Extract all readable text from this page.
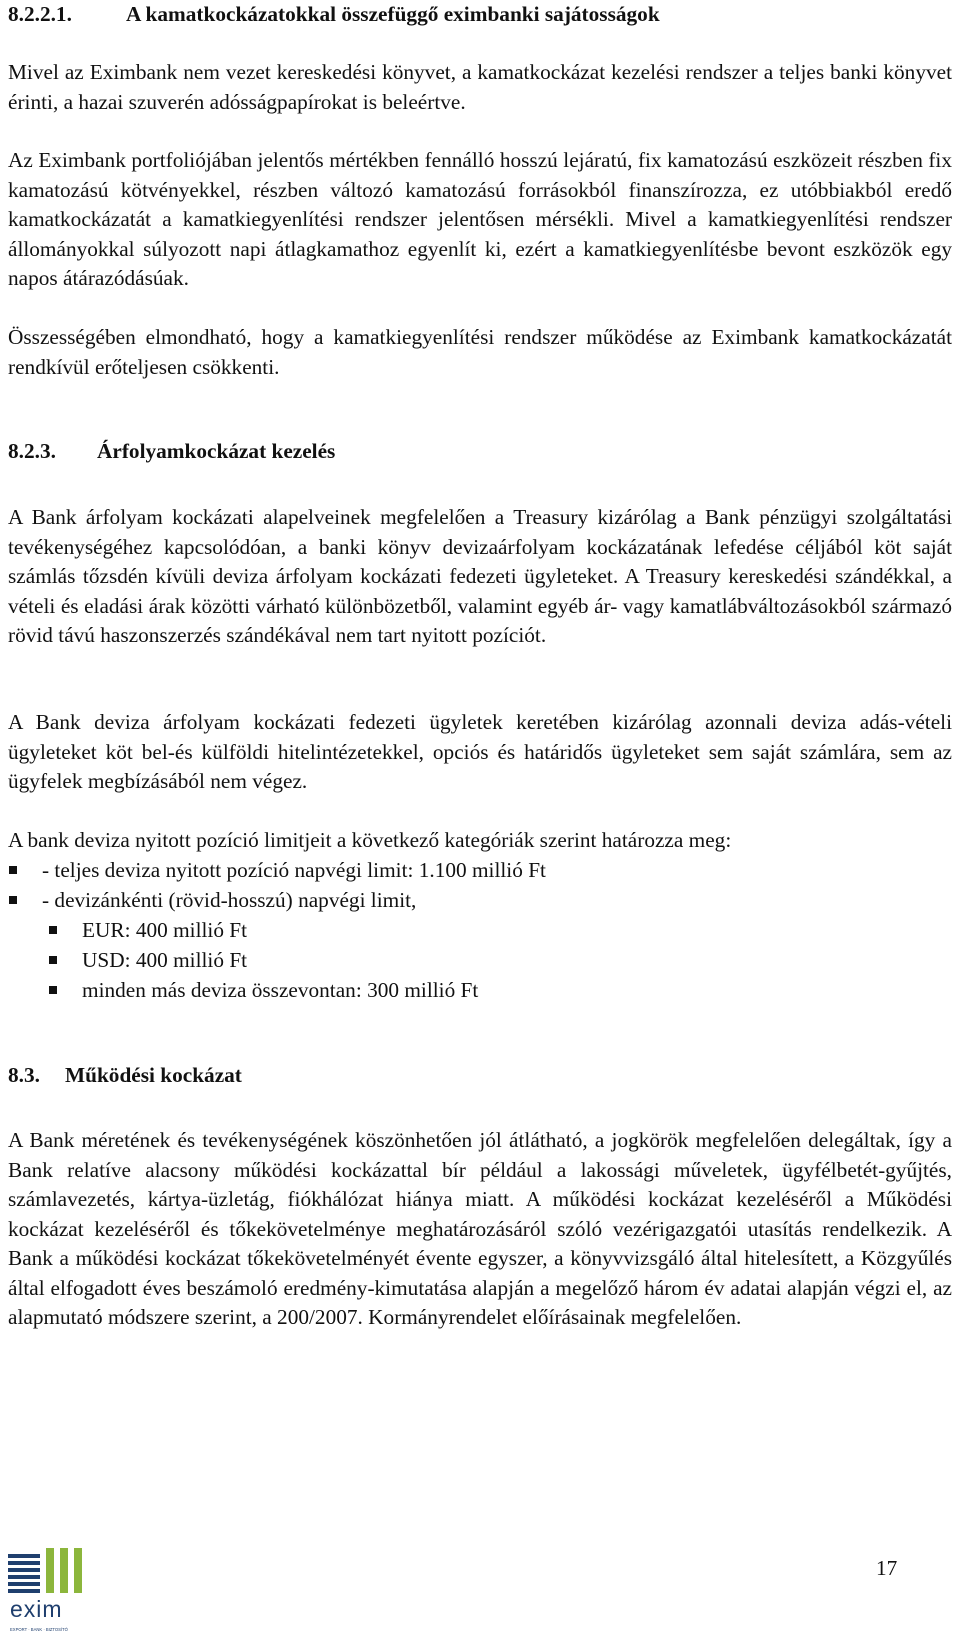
8.2.2.1.	A kamatkockázatokkal összefüggő eximbanki sajátosságok

Mivel az Eximbank nem vezet kereskedési könyvet, a kamatkockázat kezelési rendszer a teljes banki könyvet érinti, a hazai szuverén adósságpapírokat is beleértve.

Az Eximbank portfoliójában jelentős mértékben fennálló hosszú lejáratú, fix kamatozású eszközeit részben fix kamatozású kötvényekkel, részben változó kamatozású forrásokból finanszírozza, ez utóbbiakból eredő kamatkockázatát a kamatkiegyenlítési rendszer jelentősen mérsékli. Mivel a kamatkiegyenlítési rendszer állományokkal súlyozott napi átlagkamathoz egyenlít ki, ezért a kamatkiegyenlítésbe bevont eszközök egy napos átárazódásúak.

Összességében elmondható, hogy a kamatkiegyenlítési rendszer működése az Eximbank kamatkockázatát rendkívül erőteljesen csökkenti.

8.2.3. Árfolyamkockázat kezelés

A Bank árfolyam kockázati alapelveinek megfelelően a Treasury kizárólag a Bank pénzügyi szolgáltatási tevékenységéhez kapcsolódóan, a banki könyv devizaárfolyam kockázatának lefedése céljából köt saját számlás tőzsdén kívüli deviza árfolyam kockázati fedezeti ügyleteket. A Treasury kereskedési szándékkal, a vételi és eladási árak közötti várható különbözetből, valamint egyéb ár- vagy kamatlábváltozásokból származó rövid távú haszonszerzés szándékával nem tart nyitott pozíciót.

A Bank deviza árfolyam kockázati fedezeti ügyletek keretében kizárólag azonnali deviza adás-vételi ügyleteket köt bel-és külföldi hitelintézetekkel, opciós és határidős ügyleteket sem saját számlára, sem az ügyfelek megbízásából nem végez.

A bank deviza nyitott pozíció limitjeit a következő kategóriák szerint határozza meg:

- teljes deviza nyitott pozíció napvégi limit: 1.100 millió Ft
- devizánkénti (rövid-hosszú) napvégi limit,
EUR: 400 millió Ft
USD: 400 millió Ft
minden más deviza összevontan: 300 millió Ft
8.3. Működési kockázat

A Bank méretének és tevékenységének köszönhetően jól átlátható, a jogkörök megfelelően delegáltak, így a Bank relatíve alacsony működési kockázattal bír például a lakossági műveletek, ügyfélbetét-gyűjtés, számlavezetés, kártya-üzletág, fiókhálózat hiánya miatt. A működési kockázat kezeléséről a Működési kockázat kezeléséről és tőkekövetelménye meghatározásáról szóló vezérigazgatói utasítás rendelkezik. A Bank a működési kockázat tőkekövetelményét évente egyszer, a könyvvizsgáló által hitelesített, a Közgyűlés által elfogadott éves beszámoló eredmény-kimutatása alapján a megelőző három év adatai alapján végzi el, az alapmutató módszere szerint, a 200/2007. Kormányrendelet előírásainak megfelelően.

exim
EXPORT · BANK · BIZTOSÍTÓ
17
